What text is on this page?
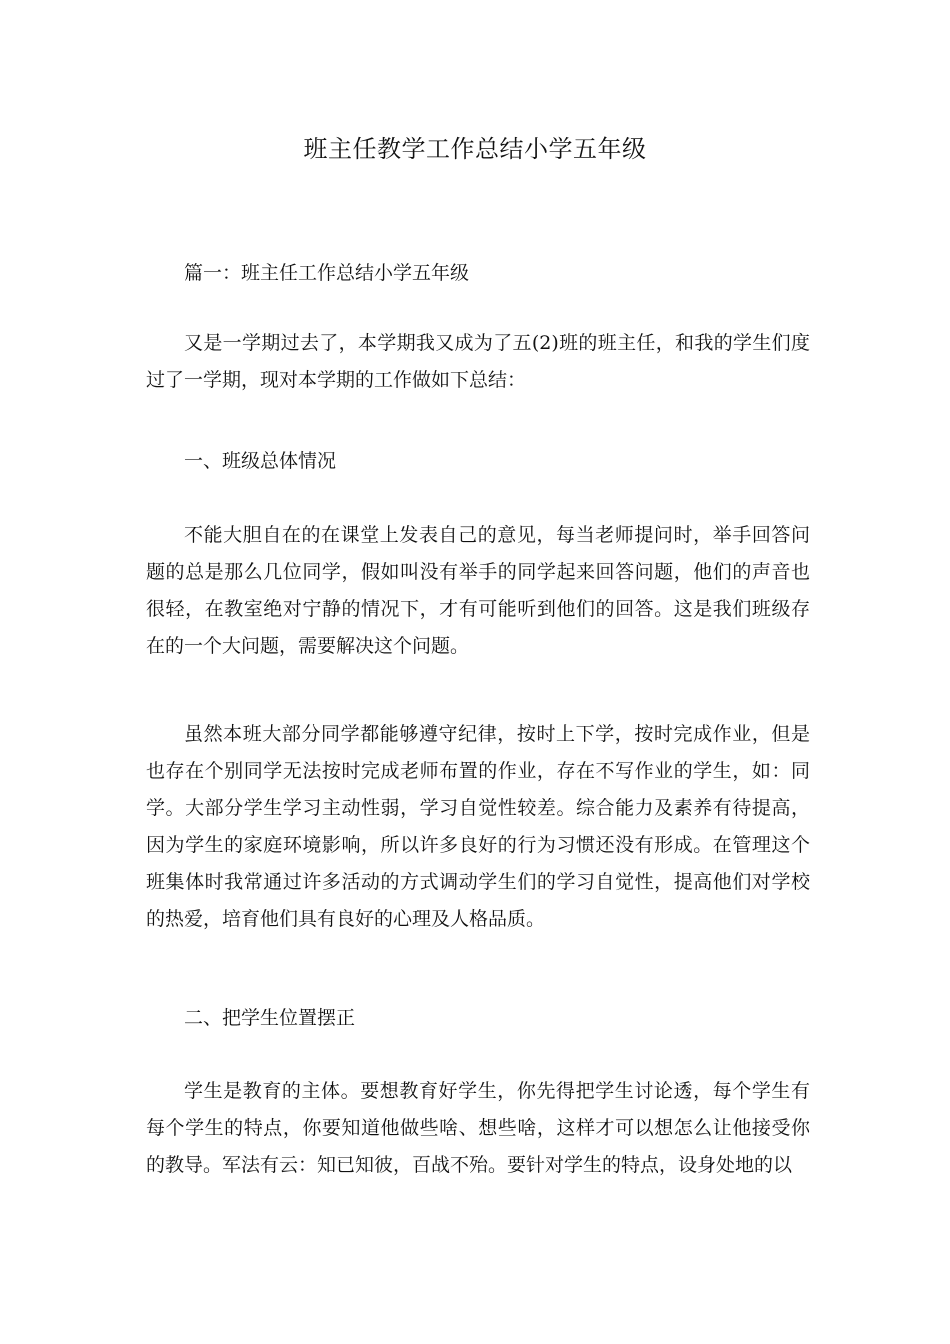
班主任教学工作总结小学五年级

篇一：班主任工作总结小学五年级

又是一学期过去了，本学期我又成为了五(2)班的班主任，和我的学生们度过了一学期，现对本学期的工作做如下总结：

一、班级总体情况

不能大胆自在的在课堂上发表自己的意见，每当老师提问时，举手回答问题的总是那么几位同学，假如叫没有举手的同学起来回答问题，他们的声音也很轻，在教室绝对宁静的情况下，才有可能听到他们的回答。这是我们班级存在的一个大问题，需要解决这个问题。

虽然本班大部分同学都能够遵守纪律，按时上下学，按时完成作业，但是也存在个别同学无法按时完成老师布置的作业，存在不写作业的学生，如：同学。大部分学生学习主动性弱，学习自觉性较差。综合能力及素养有待提高，因为学生的家庭环境影响，所以许多良好的行为习惯还没有形成。在管理这个班集体时我常通过许多活动的方式调动学生们的学习自觉性，提高他们对学校的热爱，培育他们具有良好的心理及人格品质。

二、把学生位置摆正

学生是教育的主体。要想教育好学生，你先得把学生讨论透，每个学生有每个学生的特点，你要知道他做些啥、想些啥，这样才可以想怎么让他接受你的教导。军法有云：知已知彼，百战不殆。要针对学生的特点，设身处地的以
